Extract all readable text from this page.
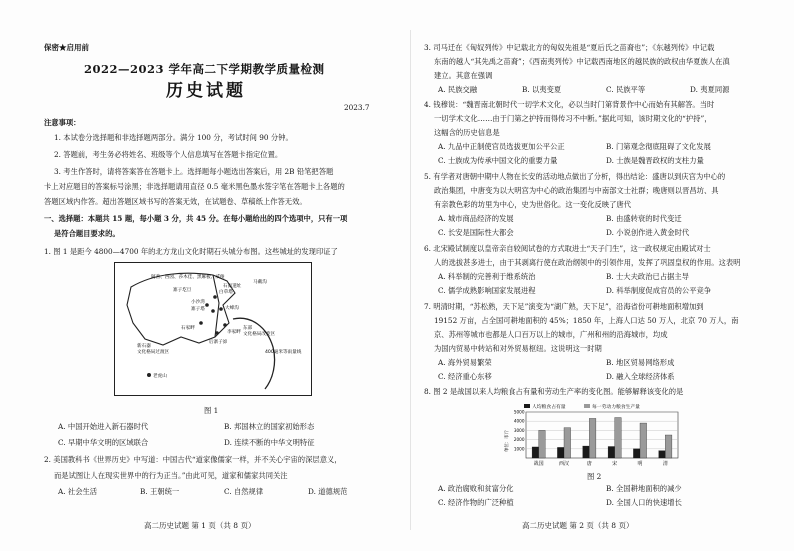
保密★启用前
2022—2023 学年高二下学期教学质量检测
历史试题
2023.7
注意事项：
1. 本试卷分选择题和非选择题两部分。满分 100 分，考试时间 90 分钟。
2. 答题前，考生务必将姓名、班级等个人信息填写在答题卡指定位置。
3. 考生作答时，请将答案答在答题卡上。选择题每小题选出答案后，用 2B 铅笔把答题
卡上对应题目的答案标号涂黑；非选择题请用直径 0.5 毫米黑色墨水签字笔在答题卡上各题的
答题区域内作答。超出答题区域书写的答案无效，在试题卷、草稿纸上作答无效。
一、选择题：本题共 15 题，每小题 3 分，共 45 分。在每小题给出的四个选项中，只有一项
是符合题目要求的。
1. 图 1 是距今 4800—4700 年的北方龙山文化时期石头城分布图。这些城址的发现印证了
阿善、西园、莎木佳、黑麻板、威俊
马戴沟
寨子圪旦	白草塔
小沙湾
寨子塔
石家畔
大峰沟
李家畔
后寨子峁
东部
文化格局改变区
新石器
文化格局过渡区	400毫米等雨量线
老虎山
石峁遗址
图 1
A. 中国开始进入新石器时代	B. 邦国林立的国家初始形态
C. 早期中华文明的区域联合	D. 连续不断的中华文明特征
2. 美国教科书《世界历史》中写道：中国古代“道家像儒家一样，并不关心宇宙的深层意义，
而是试图让人在现实世界中的行为正当。”由此可见，道家和儒家共同关注
A. 社会生活	B. 王朝统一	C. 自然规律	D. 道德规范
高二历史试题 第 1 页（共 8 页）
3. 司马迁在《匈奴列传》中记载北方的匈奴先祖是“夏后氏之苗裔也”；《东越列传》中记载
东南的越人“其先禹之苗裔”；《西南夷列传》中记载西南地区的越民族的政权由华夏族人在滇
建立。其意在强调
A. 民族交融	B. 以夷变夏	C. 民族平等	D. 夷夏同源
4. 钱穆说：“魏晋南北朝时代一切学术文化，必以当时门第背景作中心而始有其解答。当时
一切学术文化……由于门第之护持而得传习不中断。”据此可知，该时期文化的“护持”，
这幅含的历史信息是
A. 九品中正制使官员选拔更加公平公正	B. 门第观念彻底阻碍了文化发展
C. 士族成为传承中国文化的重要力量	D. 士族是魏晋政权的支柱力量
5. 有学者对唐朝中期中人物在长安的活动地点做出了分析，得出结论：盛唐以到庆宫为中心的
政治集团，中唐变为以大明宫为中心的政治集团与中南部文士社群；晚唐则以晋昌坊、具
有亲教色彩的坊里为中心，史为世俗化。这一变化反映了唐代
A. 城市商品经济的发展	B. 由盛转衰的时代变迁
C. 长安是国际性大都会	D. 小说创作进入黄金时代
6. 北宋殿试制度以皇帝亲自较阅试卷的方式取进士“天子门生”，这一政权规定由殿试对士
人的选拔甚多进士，由于其剥离行使在政治纲领中的引领作用，发挥了巩固皇权的作用。这表明
A. 科举制的完善利于维系统治	B. 士大夫政治已占据主导
C. 儒学成熟影响国家发展进程	D. 科举制度促成官员的公平竞争
7. 明清时期，“苏松熟，天下足”演变为“湖广熟，天下足”，沿海省份可耕地面积增加到
19152 万亩，占全国可耕地面积的 45%；1850 年，上海人口达 50 万人，北京 70 万人，南
京、苏州等城市也都是人口百万以上的城市，广州和州的沿海城市，均成
为国内贸易中转站和对外贸易枢纽。这说明这一时期
A. 海外贸易繁荣	B. 地区贸易网络形成
C. 经济重心东移	D. 融入全球经济体系
8. 图 2 是战国以来人均粮食占有量和劳动生产率的变化图。能够解释该变化的是
人均粮食占有量	每一劳动力粮食生产量
单位：市斤 1000
2000
3000
4000
5000
战国	西汉	唐	宋	明	清
图 2
A. 政治腐败和贫富分化	B. 全国耕地面积的减少
C. 经济作物的广泛种植	D. 全国人口的快速增长
高二历史试题 第 2 页（共 8 页）
